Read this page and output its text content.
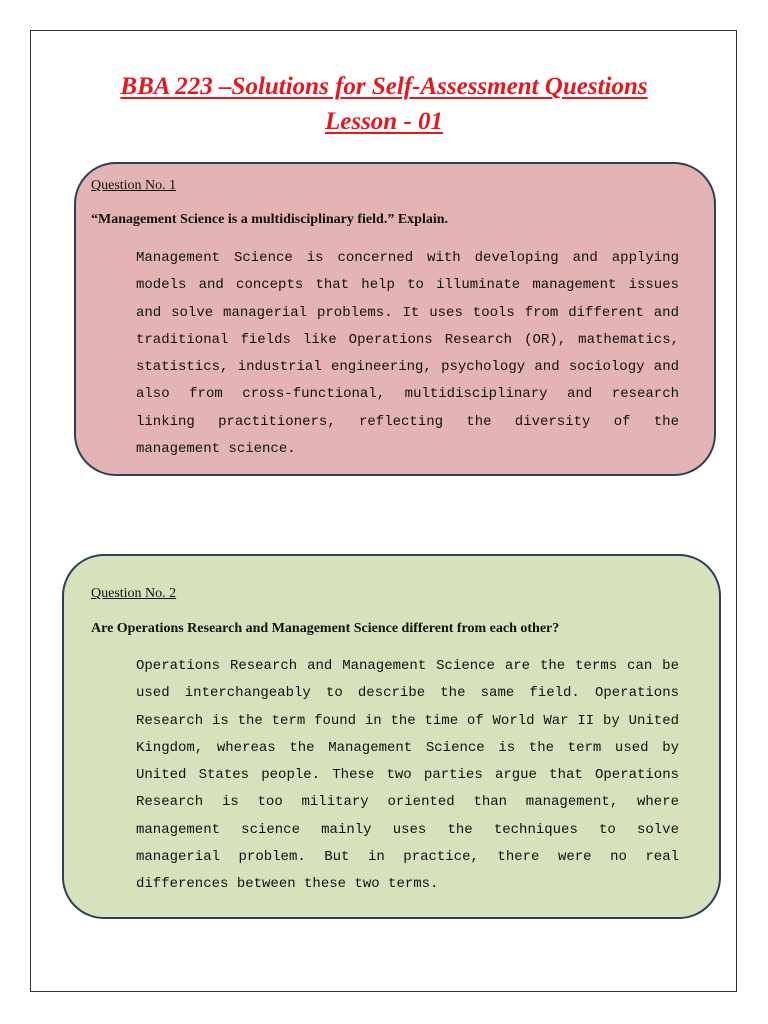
BBA 223 –Solutions for Self-Assessment Questions
Lesson - 01
Question No. 1
“Management Science is a multidisciplinary field.” Explain.

Management Science is concerned with developing and applying models and concepts that help to illuminate management issues and solve managerial problems. It uses tools from different and traditional fields like Operations Research (OR), mathematics, statistics, industrial engineering, psychology and sociology and also from cross-functional, multidisciplinary and research linking practitioners, reflecting the diversity of the management science.

Question No. 2
Are Operations Research and Management Science different from each other?

Operations Research and Management Science are the terms can be used interchangeably to describe the same field. Operations Research is the term found in the time of World War II by United Kingdom, whereas the Management Science is the term used by United States people. These two parties argue that Operations Research is too military oriented than management, where management science mainly uses the techniques to solve managerial problem. But in practice, there were no real differences between these two terms.
